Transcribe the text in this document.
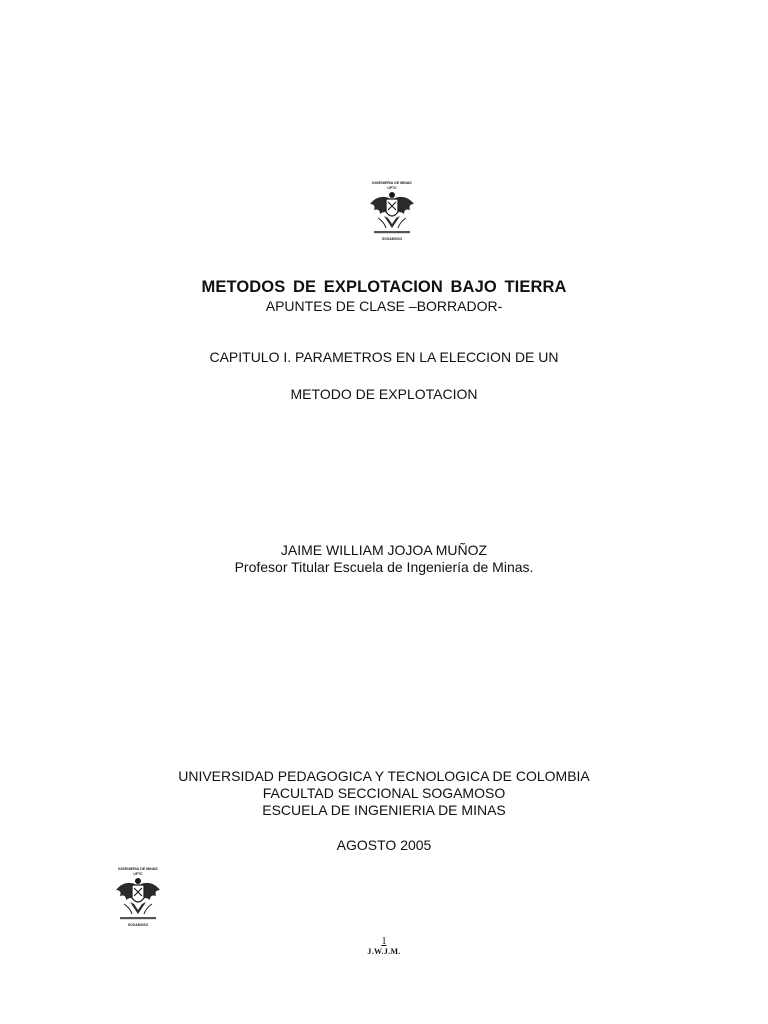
INGENIERIA DE MINAS
UPTC
SOGAMOSO
METODOS DE EXPLOTACION BAJO TIERRA
APUNTES DE CLASE –BORRADOR-
CAPITULO I. PARAMETROS EN LA ELECCION DE UN
METODO DE EXPLOTACION
JAIME WILLIAM JOJOA MUÑOZ
Profesor Titular Escuela de Ingeniería de Minas.
UNIVERSIDAD PEDAGOGICA Y TECNOLOGICA DE COLOMBIA
FACULTAD SECCIONAL SOGAMOSO
ESCUELA DE INGENIERIA DE MINAS
AGOSTO 2005
INGENIERIA DE MINAS
UPTC
SOGAMOSO
1
J.W.J.M.
